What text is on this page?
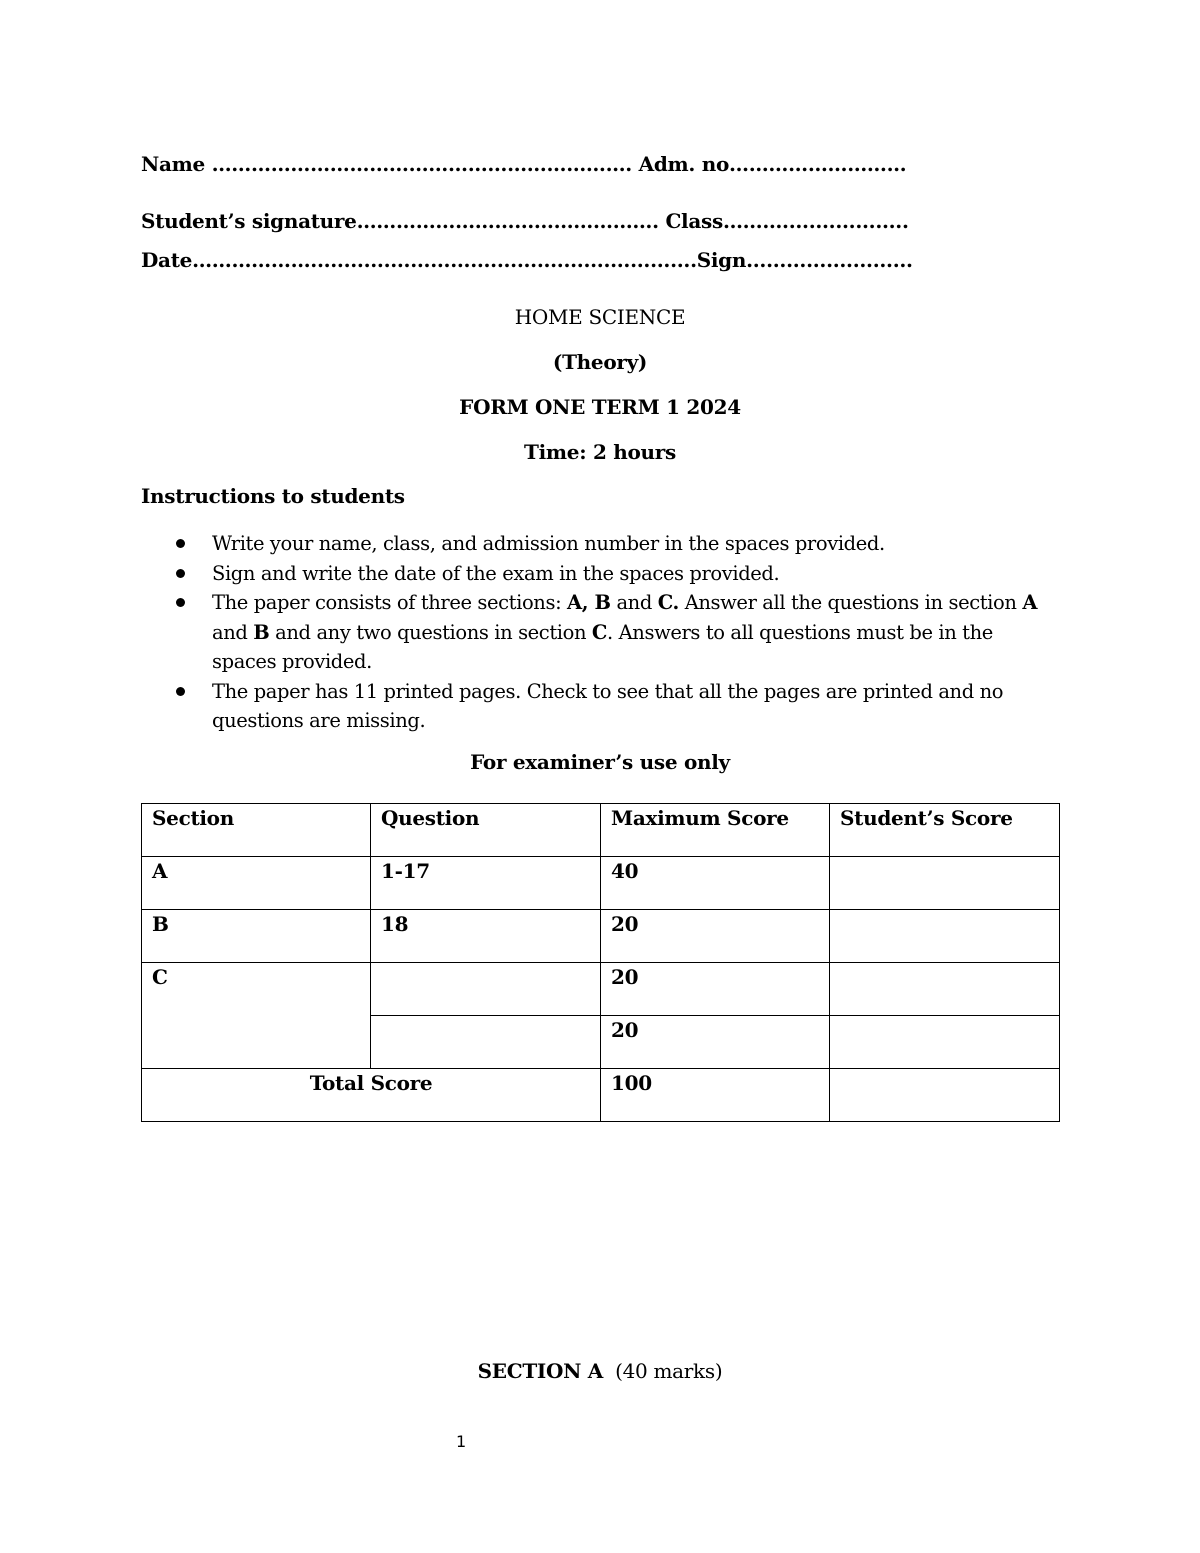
Name ………………………………………………………. Adm. no………………………
Student’s signature………………………………………. Class………...................
Date………………..........................................................Sign.........................
HOME SCIENCE
(Theory)
FORM ONE TERM 1 2024
Time: 2 hours
Instructions to students
Write your name, class, and admission number in the spaces provided.
Sign and write the date of the exam in the spaces provided.
The paper consists of three sections: A, B and C. Answer all the questions in section A and B and any two questions in section C. Answers to all questions must be in the spaces provided.
The paper has 11 printed pages. Check to see that all the pages are printed and no questions are missing.
For examiner’s use only
Section	Question	Maximum Score	Student’s Score
A	1-17	40	
B	18	20	
C		20	
		20	
Total Score		100	
SECTION A (40 marks)
1
